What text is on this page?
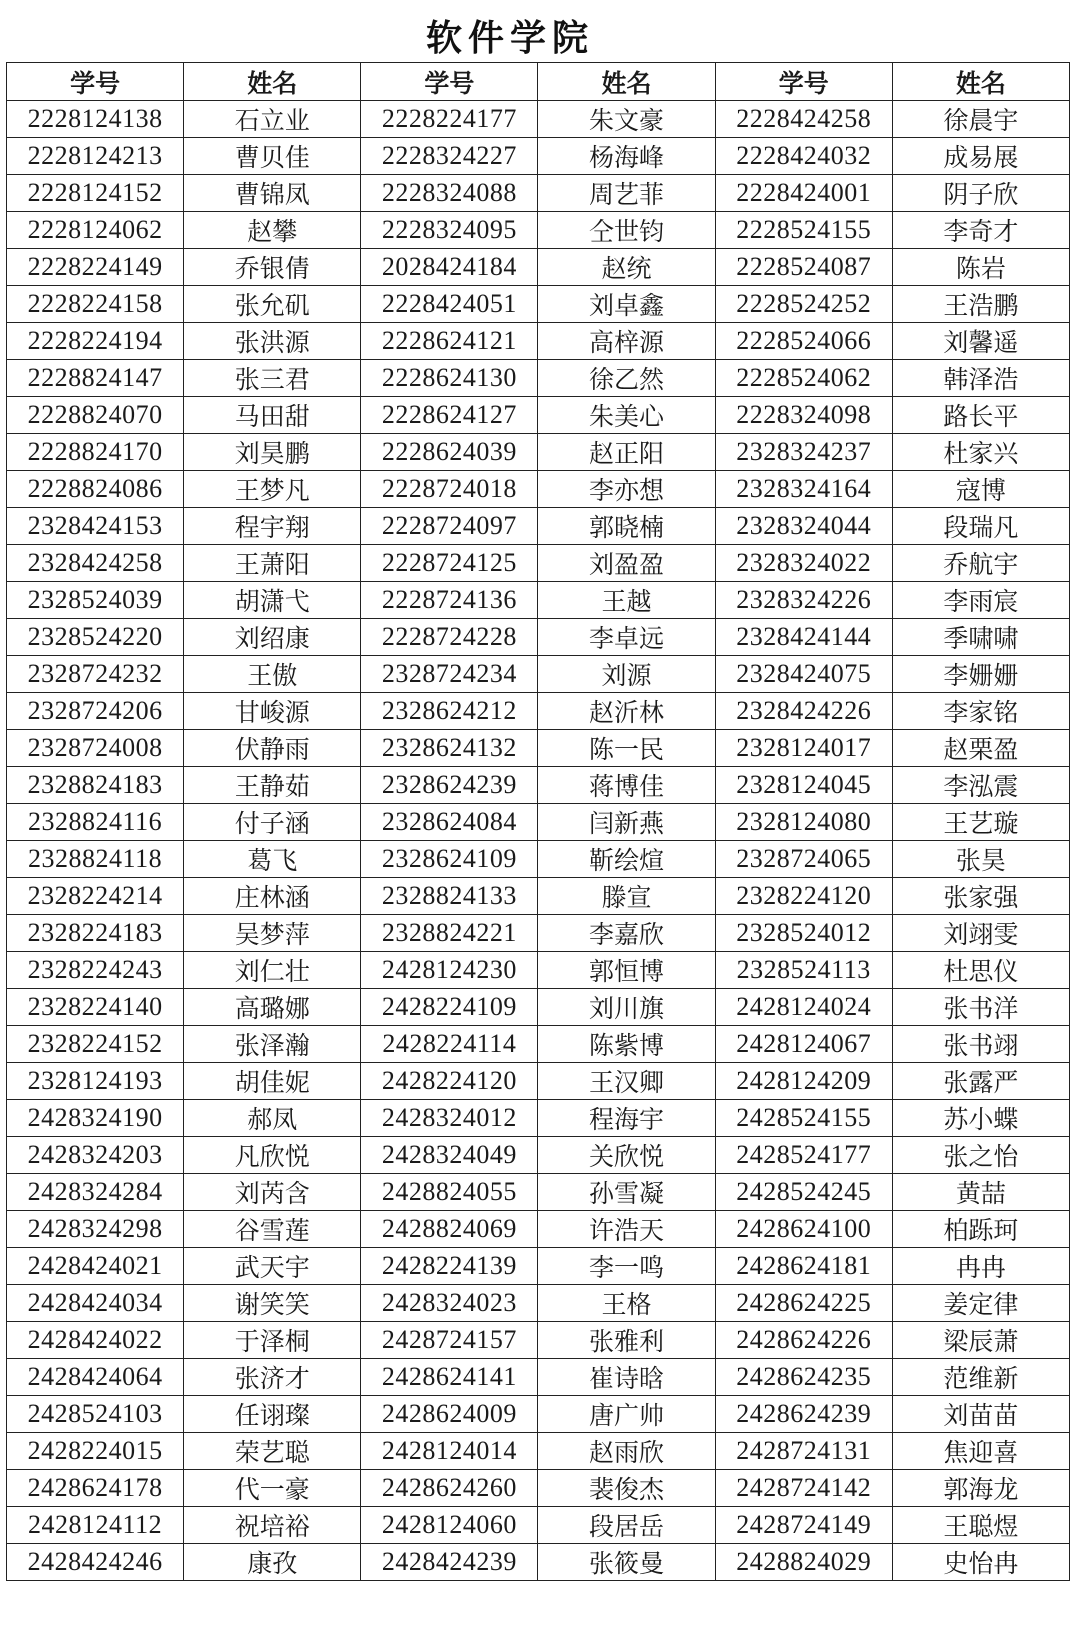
软件学院
学号	姓名	学号	姓名	学号	姓名
2228124138	石立业	2228224177	朱文豪	2228424258	徐晨宇
2228124213	曹贝佳	2228324227	杨海峰	2228424032	成易展
2228124152	曹锦凤	2228324088	周艺菲	2228424001	阴子欣
2228124062	赵攀	2228324095	仝世钧	2228524155	李奇才
2228224149	乔银倩	2028424184	赵统	2228524087	陈岩
2228224158	张允矶	2228424051	刘卓鑫	2228524252	王浩鹏
2228224194	张洪源	2228624121	高梓源	2228524066	刘馨遥
2228824147	张三君	2228624130	徐乙然	2228524062	韩泽浩
2228824070	马田甜	2228624127	朱美心	2228324098	路长平
2228824170	刘昊鹏	2228624039	赵正阳	2328324237	杜家兴
2228824086	王梦凡	2228724018	李亦想	2328324164	寇博
2328424153	程宇翔	2228724097	郭晓楠	2328324044	段瑞凡
2328424258	王萧阳	2228724125	刘盈盈	2328324022	乔航宇
2328524039	胡潇弋	2228724136	王越	2328324226	李雨宸
2328524220	刘绍康	2228724228	李卓远	2328424144	季啸啸
2328724232	王傲	2328724234	刘源	2328424075	李姗姗
2328724206	甘峻源	2328624212	赵沂林	2328424226	李家铭
2328724008	伏静雨	2328624132	陈一民	2328124017	赵栗盈
2328824183	王静茹	2328624239	蒋博佳	2328124045	李泓震
2328824116	付子涵	2328624084	闫新燕	2328124080	王艺璇
2328824118	葛飞	2328624109	靳绘煊	2328724065	张昊
2328224214	庄林涵	2328824133	滕宣	2328224120	张家强
2328224183	吴梦萍	2328824221	李嘉欣	2328524012	刘翊雯
2328224243	刘仁壮	2428124230	郭恒博	2328524113	杜思仪
2328224140	高璐娜	2428224109	刘川旗	2428124024	张书洋
2328224152	张泽瀚	2428224114	陈紫博	2428124067	张书翊
2328124193	胡佳妮	2428224120	王汉卿	2428124209	张露严
2428324190	郝凤	2428324012	程海宇	2428524155	苏小蝶
2428324203	凡欣悦	2428324049	关欣悦	2428524177	张之怡
2428324284	刘芮含	2428824055	孙雪凝	2428524245	黄喆
2428324298	谷雪莲	2428824069	许浩天	2428624100	柏跞珂
2428424021	武天宇	2428224139	李一鸣	2428624181	冉冉
2428424034	谢笑笑	2428324023	王格	2428624225	姜定律
2428424022	于泽桐	2428724157	张雅利	2428624226	梁辰萧
2428424064	张济才	2428624141	崔诗晗	2428624235	范维新
2428524103	任诩璨	2428624009	唐广帅	2428624239	刘苗苗
2428224015	荣艺聪	2428124014	赵雨欣	2428724131	焦迎喜
2428624178	代一豪	2428624260	裴俊杰	2428724142	郭海龙
2428124112	祝培裕	2428124060	段居岳	2428724149	王聪煜
2428424246	康孜	2428424239	张筱曼	2428824029	史怡冉
